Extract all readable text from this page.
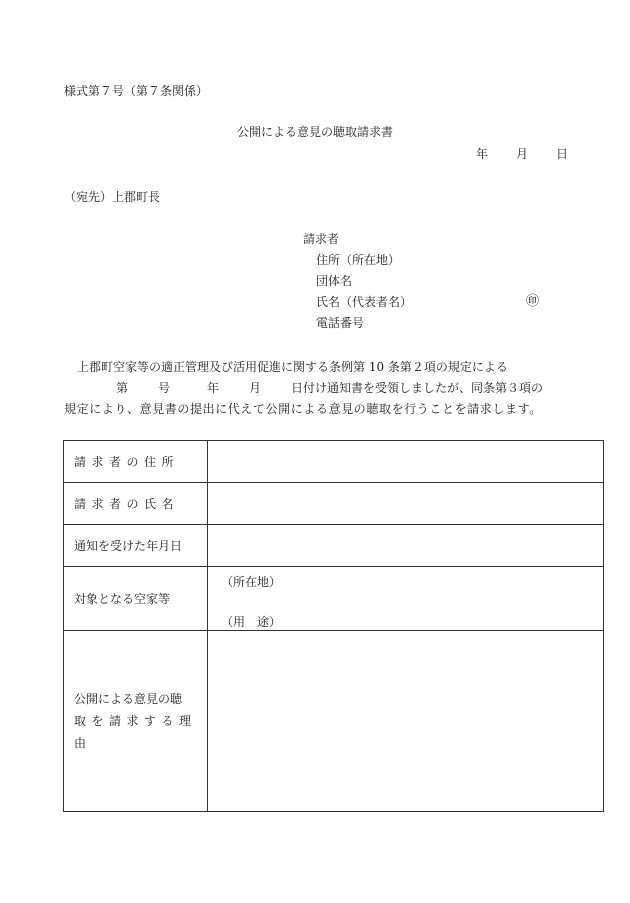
様式第７号（第７条関係）
公開による意見の聴取請求書
年 月 日
（宛先）上郡町長
請求者
住所（所在地）
団体名
氏名（代表者名）	㊞
電話番号
上郡町空家等の適正管理及び活用促進に関する条例第 10 条第２項の規定による
第 号	年 月 日付け通知書を受領しましたが、同条第３項の
規定により、意見書の提出に代えて公開による意見の聴取を行うことを請求します。
請求者の住所	
請求者の氏名	
通知を受けた年月日	
対象となる空家等	（所在地）
（用　途）

公開による意見の聴
取を請求する理由	
